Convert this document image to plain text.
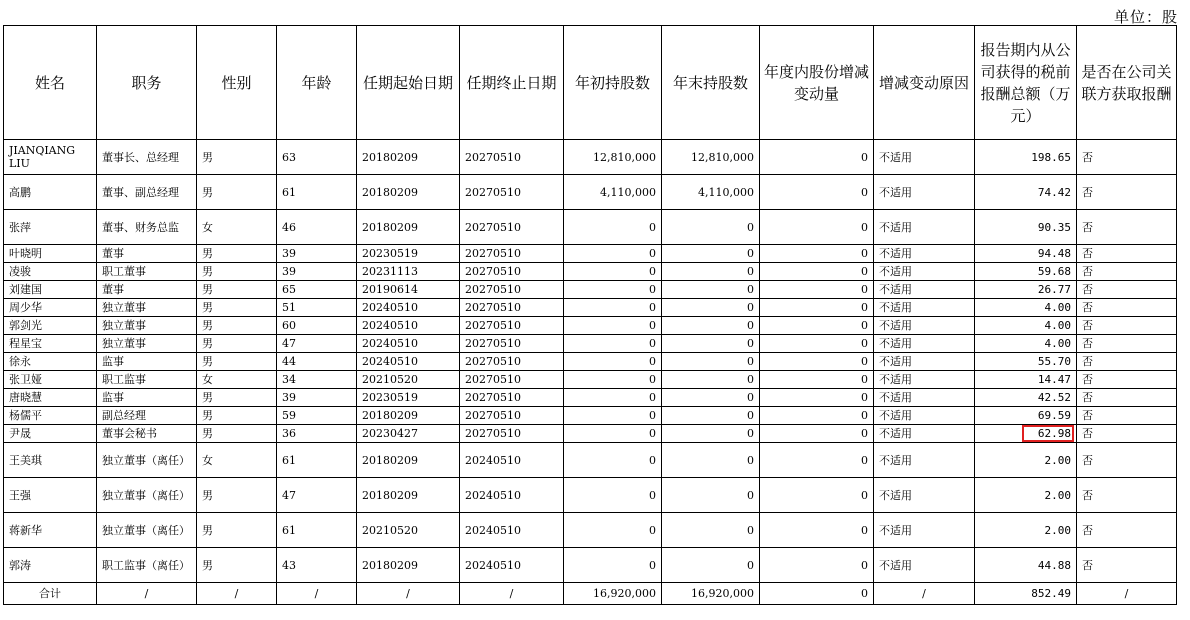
单位：股
姓名	职务	性别	年龄	任期起始日期	任期终止日期	年初持股数	年末持股数	年度内股份增减变动量	增减变动原因	报告期内从公司获得的税前报酬总额（万元）	是否在公司关联方获取报酬
JIANQIANG LIU	董事长、总经理	男	63	20180209	20270510	12,810,000	12,810,000	0	不适用	198.65	否
高鹏	董事、副总经理	男	61	20180209	20270510	4,110,000	4,110,000	0	不适用	74.42	否
张萍	董事、财务总监	女	46	20180209	20270510	0	0	0	不适用	90.35	否
叶晓明	董事	男	39	20230519	20270510	0	0	0	不适用	94.48	否
凌骏	职工董事	男	39	20231113	20270510	0	0	0	不适用	59.68	否
刘建国	董事	男	65	20190614	20270510	0	0	0	不适用	26.77	否
周少华	独立董事	男	51	20240510	20270510	0	0	0	不适用	4.00	否
郭剑光	独立董事	男	60	20240510	20270510	0	0	0	不适用	4.00	否
程星宝	独立董事	男	47	20240510	20270510	0	0	0	不适用	4.00	否
徐永	监事	男	44	20240510	20270510	0	0	0	不适用	55.70	否
张卫娅	职工监事	女	34	20210520	20270510	0	0	0	不适用	14.47	否
唐晓慧	监事	男	39	20230519	20270510	0	0	0	不适用	42.52	否
杨儒平	副总经理	男	59	20180209	20270510	0	0	0	不适用	69.59	否
尹晟	董事会秘书	男	36	20230427	20270510	0	0	0	不适用	62.98	否
王美琪	独立董事（离任）	女	61	20180209	20240510	0	0	0	不适用	2.00	否
王强	独立董事（离任）	男	47	20180209	20240510	0	0	0	不适用	2.00	否
蒋新华	独立董事（离任）	男	61	20210520	20240510	0	0	0	不适用	2.00	否
郭涛	职工监事（离任）	男	43	20180209	20240510	0	0	0	不适用	44.88	否
合计	/	/	/	/	/	16,920,000	16,920,000	0	/	852.49	/
